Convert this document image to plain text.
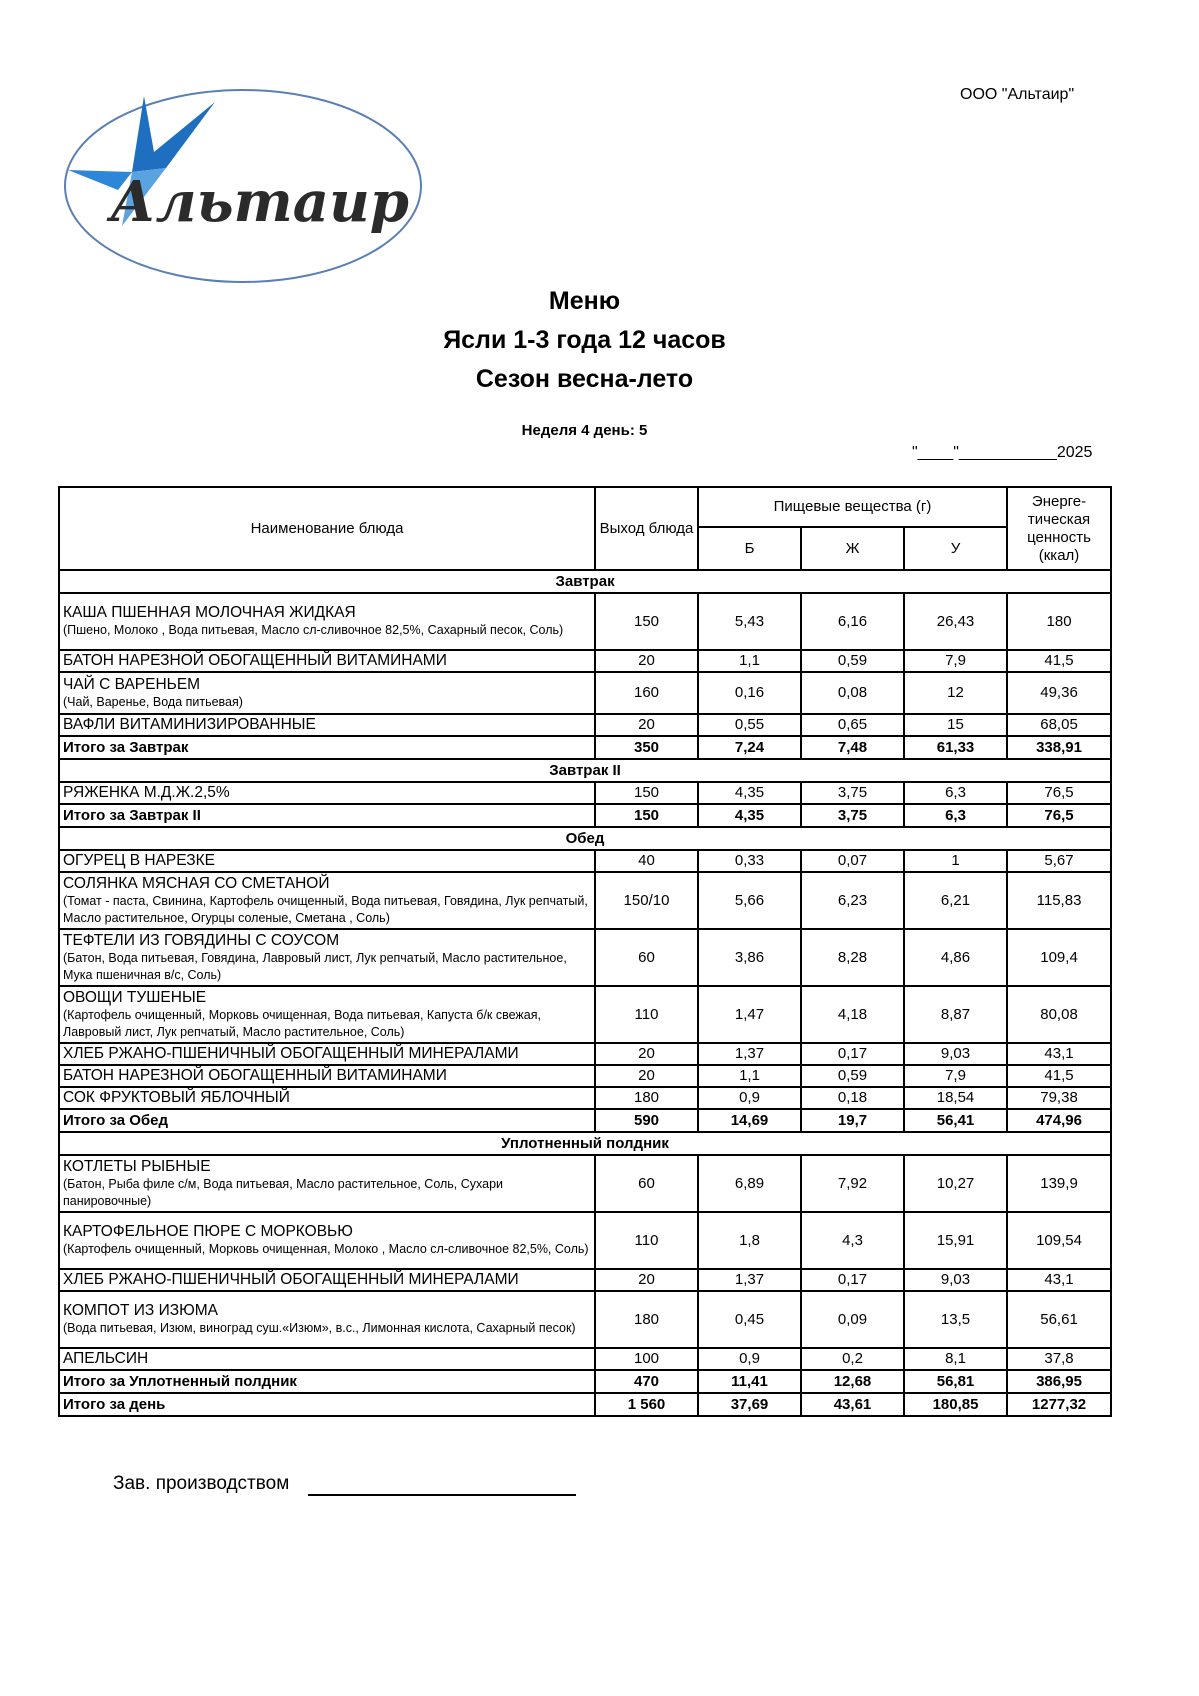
Альтаир
ООО "Альтаир"
Меню
Ясли 1-3 года 12 часов
Сезон весна-лето
Неделя 4 день: 5
"____"___________2025
Наименование блюда	Выход блюда	Пищевые вещества (г)			Энерге-тическая ценность (ккал)
		Б	Ж	У	
Завтрак					

КАША ПШЕННАЯ МОЛОЧНАЯ ЖИДКАЯ
(Пшено, Молоко , Вода питьевая, Масло сл-сливочное 82,5%, Сахарный песок, Соль)	150	5,43	6,16	26,43	180

БАТОН НАРЕЗНОЙ ОБОГАЩЕННЫЙ ВИТАМИНАМИ	20	1,1	0,59	7,9	41,5

ЧАЙ С ВАРЕНЬЕМ
(Чай, Варенье, Вода питьевая)	160	0,16	0,08	12	49,36

ВАФЛИ ВИТАМИНИЗИРОВАННЫЕ	20	0,55	0,65	15	68,05
Итого за Завтрак	350	7,24	7,48	61,33	338,91
Завтрак II					

РЯЖЕНКА М.Д.Ж.2,5%	150	4,35	3,75	6,3	76,5
Итого за Завтрак II	150	4,35	3,75	6,3	76,5
Обед					

ОГУРЕЦ В НАРЕЗКЕ	40	0,33	0,07	1	5,67

СОЛЯНКА МЯСНАЯ СО СМЕТАНОЙ
(Томат - паста, Свинина, Картофель очищенный, Вода питьевая, Говядина, Лук репчатый, Масло растительное, Огурцы соленые, Сметана , Соль)	150/10	5,66	6,23	6,21	115,83

ТЕФТЕЛИ ИЗ ГОВЯДИНЫ С СОУСОМ
(Батон, Вода питьевая, Говядина, Лавровый лист, Лук репчатый, Масло растительное, Мука пшеничная в/с, Соль)	60	3,86	8,28	4,86	109,4

ОВОЩИ ТУШЕНЫЕ
(Картофель очищенный, Морковь очищенная, Вода питьевая, Капуста б/к свежая, Лавровый лист, Лук репчатый, Масло растительное, Соль)	110	1,47	4,18	8,87	80,08

ХЛЕБ РЖАНО-ПШЕНИЧНЫЙ ОБОГАЩЕННЫЙ МИНЕРАЛАМИ	20	1,37	0,17	9,03	43,1

БАТОН НАРЕЗНОЙ ОБОГАЩЕННЫЙ ВИТАМИНАМИ	20	1,1	0,59	7,9	41,5

СОК ФРУКТОВЫЙ ЯБЛОЧНЫЙ	180	0,9	0,18	18,54	79,38
Итого за Обед	590	14,69	19,7	56,41	474,96
Уплотненный полдник					

КОТЛЕТЫ РЫБНЫЕ
(Батон, Рыба филе с/м, Вода питьевая, Масло растительное, Соль, Сухари панировочные)	60	6,89	7,92	10,27	139,9

КАРТОФЕЛЬНОЕ ПЮРЕ С МОРКОВЬЮ
(Картофель очищенный, Морковь очищенная, Молоко , Масло сл-сливочное 82,5%, Соль)	110	1,8	4,3	15,91	109,54

ХЛЕБ РЖАНО-ПШЕНИЧНЫЙ ОБОГАЩЕННЫЙ МИНЕРАЛАМИ	20	1,37	0,17	9,03	43,1

КОМПОТ ИЗ ИЗЮМА
(Вода питьевая, Изюм, виноград суш.«Изюм», в.с., Лимонная кислота, Сахарный песок)	180	0,45	0,09	13,5	56,61

АПЕЛЬСИН	100	0,9	0,2	8,1	37,8
Итого за Уплотненный полдник	470	11,41	12,68	56,81	386,95
Итого за день	1 560	37,69	43,61	180,85	1277,32
Зав. производством
